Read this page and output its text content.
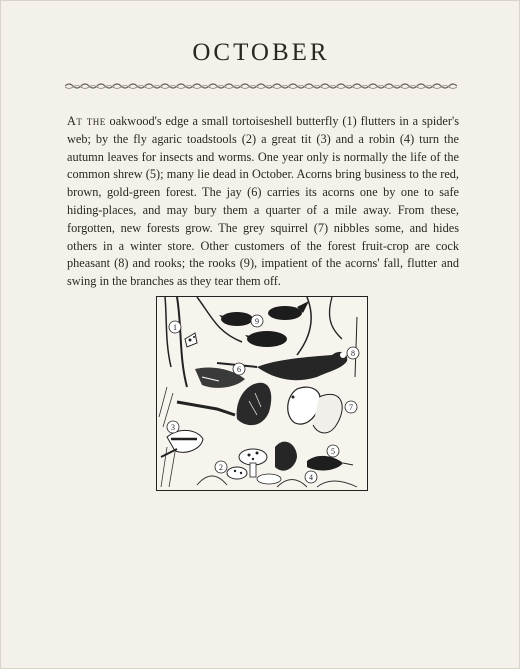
OCTOBER
At the oakwood's edge a small tortoiseshell butterfly (1) flutters in a spider's web; by the fly agaric toadstools (2) a great tit (3) and a robin (4) turn the autumn leaves for insects and worms. One year only is normally the life of the common shrew (5); many lie dead in October. Acorns bring business to the red, brown, gold-green forest. The jay (6) carries its acorns one by one to safe hiding-places, and may bury them a quarter of a mile away. From these, forgotten, new forests grow. The grey squirrel (7) nibbles some, and hides others in a winter store. Other customers of the forest fruit-crop are cock pheasant (8) and rooks; the rooks (9), impatient of the acorns' fall, flutter and swing in the branches as they tear them off.
1
9
8
6
7
3
2
4
5
